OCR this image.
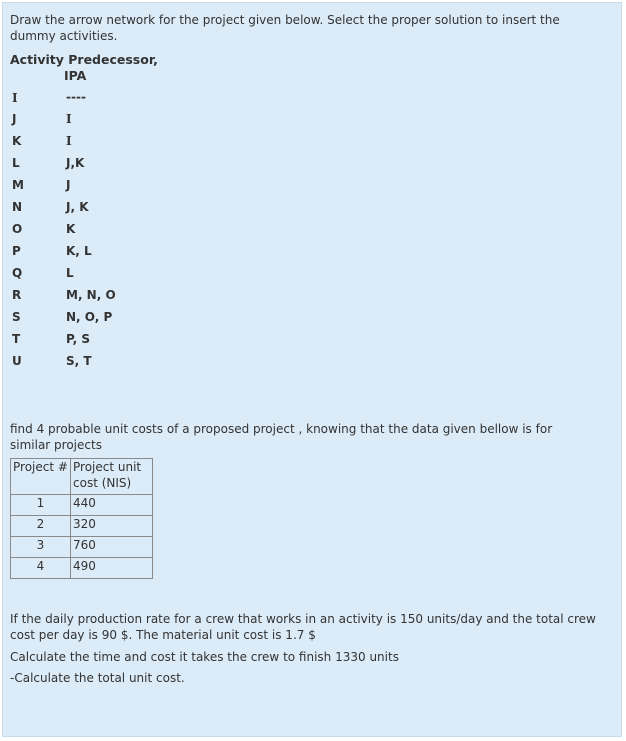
Draw the arrow network for the project given below. Select the proper solution to insert the dummy activities.
Activity Predecessor,
IPA
I	----
J	I
K	I
L	J,K
M	J
N	J, K
O	K
P	K, L
Q	L
R	M, N, O
S	N, O, P
T	P, S
U	S, T
find 4 probable unit costs of a proposed project , knowing that the data given bellow is for similar projects
Project #	Project unit cost (NIS)
1	440
2	320
3	760
4	490
If the daily production rate for a crew that works in an activity is 150 units/day and the total crew cost per day is 90 $. The material unit cost is 1.7 $
Calculate the time and cost it takes the crew to finish 1330 units
-Calculate the total unit cost.
